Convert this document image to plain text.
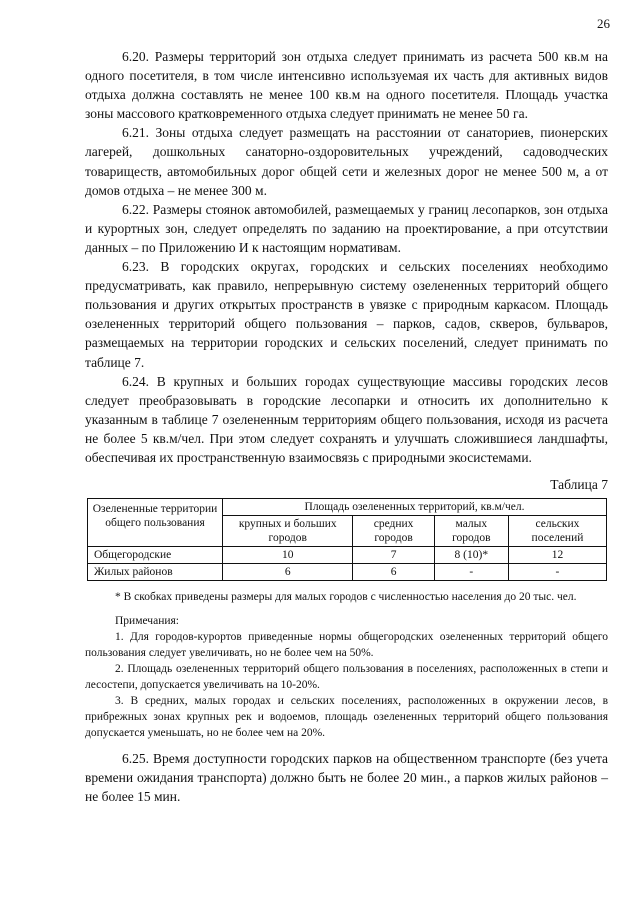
26

6.20. Размеры территорий зон отдыха следует принимать из расчета 500 кв.м на одного посетителя, в том числе интенсивно используемая их часть для активных видов отдыха должна составлять не менее 100 кв.м на одного посетителя. Площадь участка зоны массового кратковременного отдыха следует принимать не менее 50 га.

6.21. Зоны отдыха следует размещать на расстоянии от санаториев, пионерских лагерей, дошкольных санаторно-оздоровительных учреждений, садоводческих товариществ, автомобильных дорог общей сети и железных дорог не менее 500 м, а от домов отдыха – не менее 300 м.

6.22. Размеры стоянок автомобилей, размещаемых у границ лесопарков, зон отдыха и курортных зон, следует определять по заданию на проектирование, а при отсутствии данных – по Приложению И к настоящим нормативам.

6.23. В городских округах, городских и сельских поселениях необходимо предусматривать, как правило, непрерывную систему озелененных территорий общего пользования и других открытых пространств в увязке с природным каркасом. Площадь озелененных территорий общего пользования – парков, садов, скверов, бульваров, размещаемых на территории городских и сельских поселений, следует принимать по таблице 7.

6.24. В крупных и больших городах существующие массивы городских лесов следует преобразовывать в городские лесопарки и относить их дополнительно к указанным в таблице 7 озелененным территориям общего пользования, исходя из расчета не более 5 кв.м/чел. При этом следует сохранять и улучшать сложившиеся ландшафты, обеспечивая их пространственную взаимосвязь с природными экосистемами.

Таблица 7
Озелененные территории общего пользования	Площадь озелененных территорий, кв.м/чел.			
	крупных и больших городов	средних городов	малых городов	сельских поселений
Общегородские	10	7	8 (10)*	12
Жилых районов	6	6	-	-

* В скобках приведены размеры для малых городов с численностью населения до 20 тыс. чел.

Примечания:

1. Для городов-курортов приведенные нормы общегородских озелененных территорий общего пользования следует увеличивать, но не более чем на 50%.

2. Площадь озелененных территорий общего пользования в поселениях, расположенных в степи и лесостепи, допускается увеличивать на 10-20%.

3. В средних, малых городах и сельских поселениях, расположенных в окружении лесов, в прибрежных зонах крупных рек и водоемов, площадь озелененных территорий общего пользования допускается уменьшать, но не более чем на 20%.

6.25. Время доступности городских парков на общественном транспорте (без учета времени ожидания транспорта) должно быть не более 20 мин., а парков жилых районов – не более 15 мин.
